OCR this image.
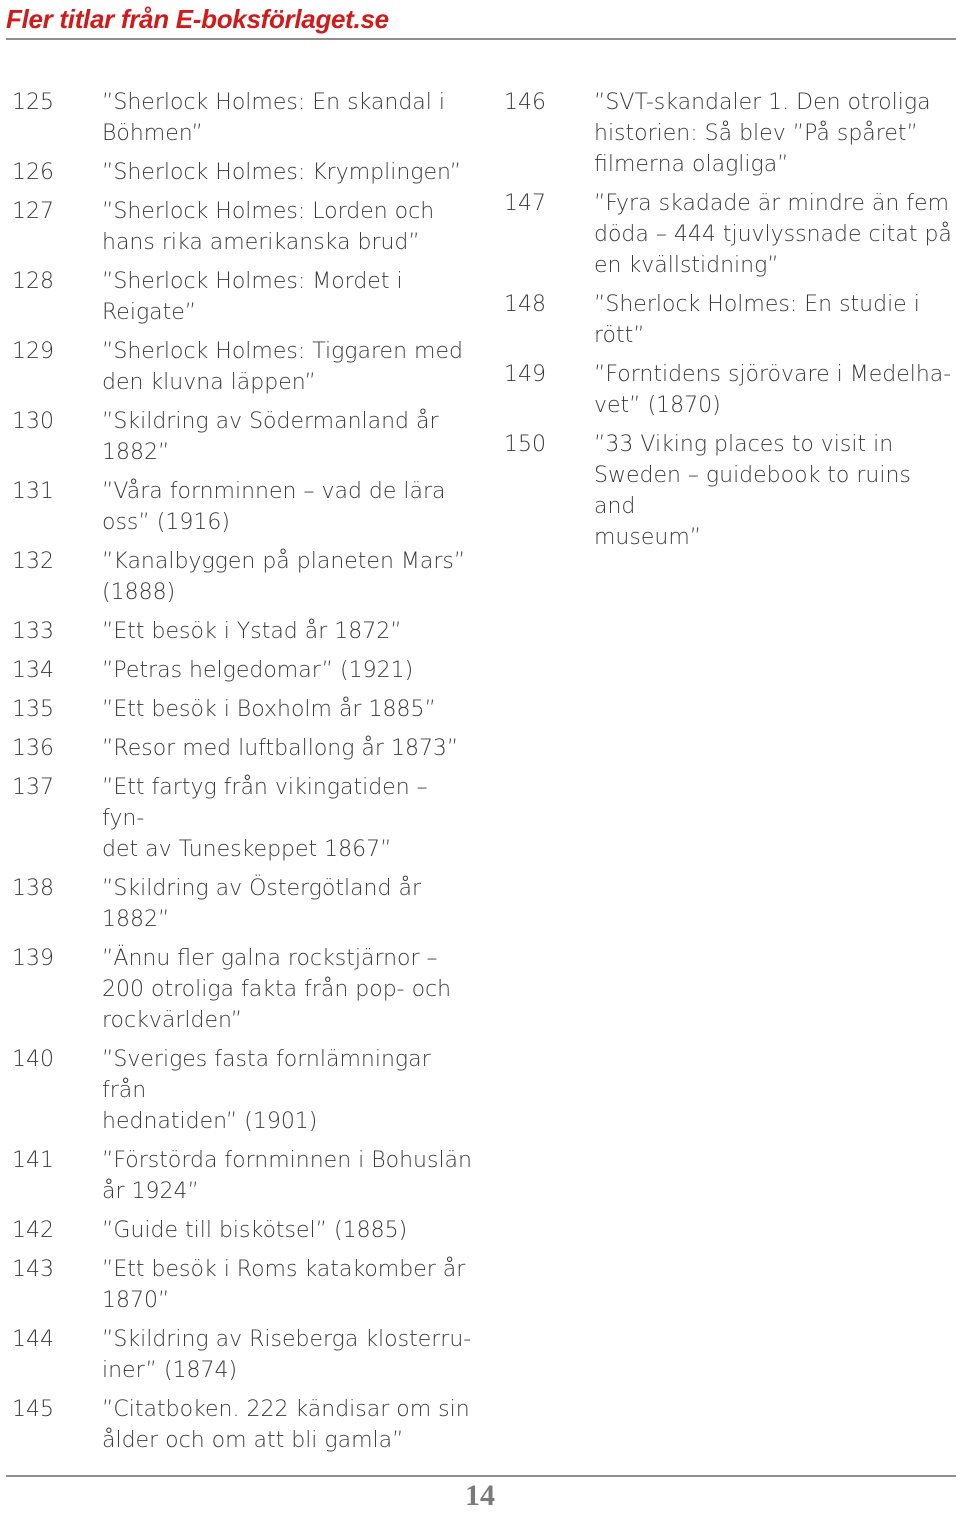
Fler titlar från E-boksförlaget.se
125	”Sherlock Holmes: En skandal i
Böhmen”
126	”Sherlock Holmes: Krymplingen”
127	”Sherlock Holmes: Lorden och
hans rika amerikanska brud”
128	”Sherlock Holmes: Mordet i
Reigate”
129	”Sherlock Holmes: Tiggaren med
den kluvna läppen”
130	”Skildring av Södermanland år
1882”
131	”Våra fornminnen – vad de lära
oss” (1916)
132	”Kanalbyggen på planeten Mars”
(1888)
133	”Ett besök i Ystad år 1872”
134	”Petras helgedomar” (1921)
135	”Ett besök i Boxholm år 1885”
136	”Resor med luftballong år 1873”
137	”Ett fartyg från vikingatiden – fyn-
det av Tuneskeppet 1867”
138	”Skildring av Östergötland år
1882”
139	”Ännu fler galna rockstjärnor –
200 otroliga fakta från pop- och
rockvärlden”
140	”Sveriges fasta fornlämningar från
hednatiden” (1901)
141	”Förstörda fornminnen i Bohuslän
år 1924”
142	”Guide till biskötsel” (1885)
143	”Ett besök i Roms katakomber år
1870”
144	”Skildring av Riseberga klosterru-
iner” (1874)
145	”Citatboken. 222 kändisar om sin
ålder och om att bli gamla”
146	”SVT-skandaler 1. Den otroliga
historien: Så blev ”På spåret”
filmerna olagliga”
147	”Fyra skadade är mindre än fem
döda – 444 tjuvlyssnade citat på
en kvällstidning”
148	”Sherlock Holmes: En studie i rött”
149	”Forntidens sjörövare i Medelha-
vet” (1870)
150	”33 Viking places to visit in
Sweden – guidebook to ruins and
museum”
14
